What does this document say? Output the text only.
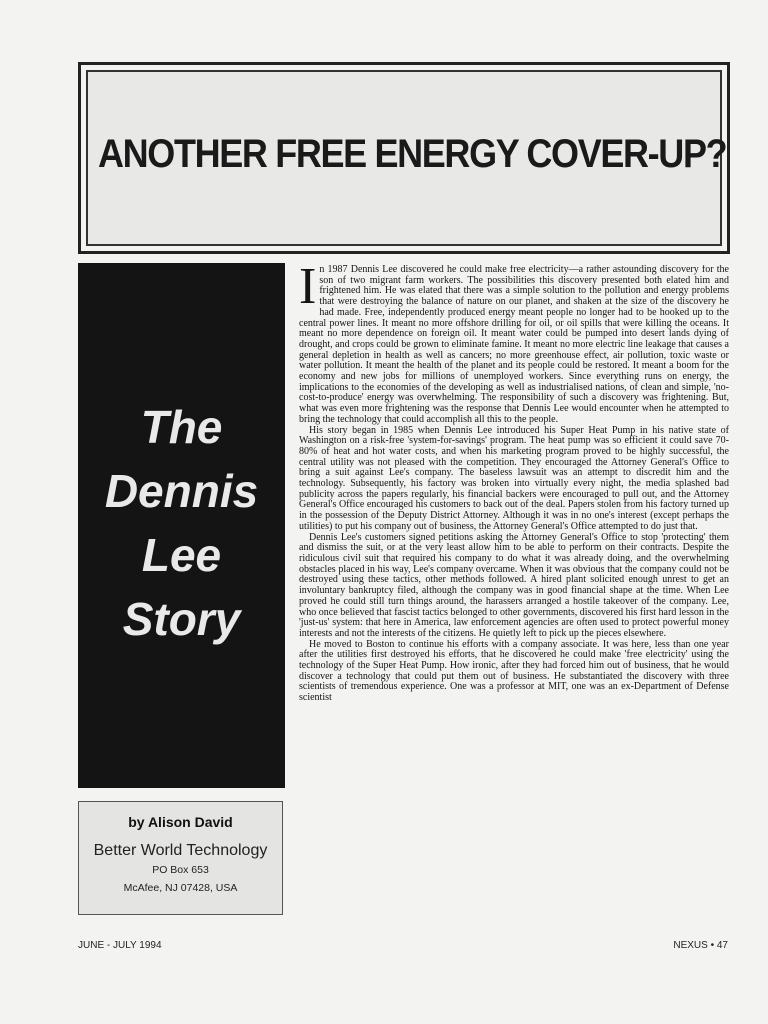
ANOTHER FREE ENERGY COVER-UP?
The
Dennis
Lee
Story
by Alison David
Better World Technology
PO Box 653
McAfee, NJ 07428, USA

In 1987 Dennis Lee discovered he could make free electricity—a rather astounding discovery for the son of two migrant farm workers. The possibilities this discovery presented both elated him and frightened him. He was elated that there was a simple solution to the pollution and energy problems that were destroying the balance of nature on our planet, and shaken at the size of the discovery he had made. Free, independently produced energy meant people no longer had to be hooked up to the central power lines. It meant no more offshore drilling for oil, or oil spills that were killing the oceans. It meant no more dependence on foreign oil. It meant water could be pumped into desert lands dying of drought, and crops could be grown to eliminate famine. It meant no more electric line leakage that causes a general depletion in health as well as cancers; no more greenhouse effect, air pollution, toxic waste or water pollution. It meant the health of the planet and its people could be restored. It meant a boom for the economy and new jobs for millions of unemployed workers. Since everything runs on energy, the implications to the economies of the developing as well as industrialised nations, of clean and simple, 'no-cost-to-produce' energy was overwhelming. The responsibility of such a discovery was frightening. But, what was even more frightening was the response that Dennis Lee would encounter when he attempted to bring the technology that could accomplish all this to the people.

His story began in 1985 when Dennis Lee introduced his Super Heat Pump in his native state of Washington on a risk-free 'system-for-savings' program. The heat pump was so efficient it could save 70-80% of heat and hot water costs, and when his marketing program proved to be highly successful, the central utility was not pleased with the competition. They encouraged the Attorney General's Office to bring a suit against Lee's company. The baseless lawsuit was an attempt to discredit him and the technology. Subsequently, his factory was broken into virtually every night, the media splashed bad publicity across the papers regularly, his financial backers were encouraged to pull out, and the Attorney General's Office encouraged his customers to back out of the deal. Papers stolen from his factory turned up in the possession of the Deputy District Attorney. Although it was in no one's interest (except perhaps the utilities) to put his company out of business, the Attorney General's Office attempted to do just that.

Dennis Lee's customers signed petitions asking the Attorney General's Office to stop 'protecting' them and dismiss the suit, or at the very least allow him to be able to perform on their contracts. Despite the ridiculous civil suit that required his company to do what it was already doing, and the overwhelming obstacles placed in his way, Lee's company overcame. When it was obvious that the company could not be destroyed using these tactics, other methods followed. A hired plant solicited enough unrest to get an involuntary bankruptcy filed, although the company was in good financial shape at the time. When Lee proved he could still turn things around, the harassers arranged a hostile takeover of the company. Lee, who once believed that fascist tactics belonged to other governments, discovered his first hard lesson in the 'just-us' system: that here in America, law enforcement agencies are often used to protect powerful money interests and not the interests of the citizens. He quietly left to pick up the pieces elsewhere.

He moved to Boston to continue his efforts with a company associate. It was here, less than one year after the utilities first destroyed his efforts, that he discovered he could make 'free electricity' using the technology of the Super Heat Pump. How ironic, after they had forced him out of business, that he would discover a technology that could put them out of business. He substantiated the discovery with three scientists of tremendous experience. One was a professor at MIT, one was an ex-Department of Defense scientist

JUNE - JULY 1994	NEXUS • 47
